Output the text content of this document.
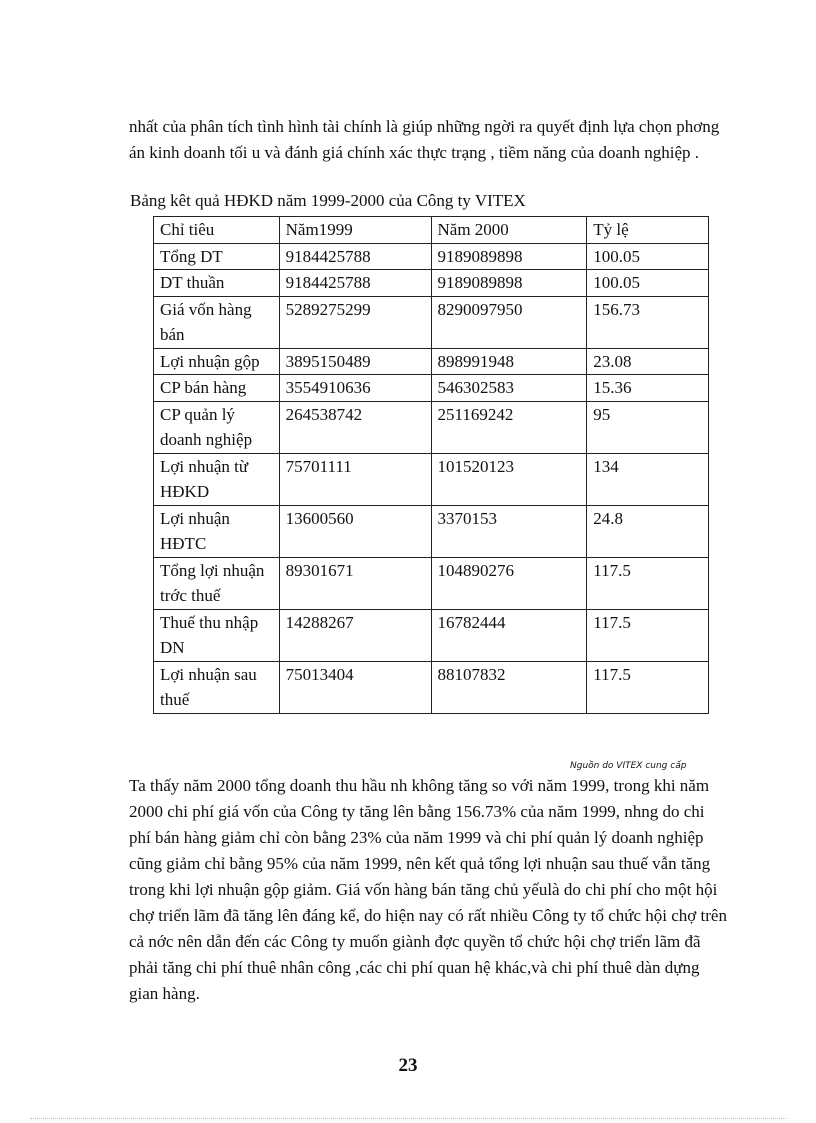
nhất của phân tích tình hình tài chính là giúp những ngời ra quyết định lựa chọn phơng án kinh doanh tối u và đánh giá chính xác thực trạng , tiềm năng của doanh nghiệp .

Bảng kêt quả HĐKD năm 1999-2000 của Công ty VITEX

Chỉ tiêu	Năm1999	Năm 2000	Tỷ lệ
Tổng DT	9184425788	9189089898	100.05
DT thuần	9184425788	9189089898	100.05
Giá vốn hàng bán	5289275299	8290097950	156.73
Lợi nhuận gộp	3895150489	898991948	23.08
CP bán hàng	3554910636	546302583	15.36
CP quản lý doanh nghiệp	264538742	251169242	95
Lợi nhuận từ HĐKD	75701111	101520123	134
Lợi nhuận HĐTC	13600560	3370153	24.8
Tổng lợi nhuận trớc thuế	89301671	104890276	117.5
Thuế thu nhập DN	14288267	16782444	117.5
Lợi nhuận sau thuế	75013404	88107832	117.5
Nguồn do VITEX cung cấp

Ta thấy năm 2000 tổng doanh thu hầu nh không tăng so với năm 1999, trong khi năm 2000 chi phí giá vốn của Công ty tăng lên bằng 156.73% của năm 1999, nhng do chi phí bán hàng giảm chỉ còn bằng 23% của năm 1999 và chi phí quản lý doanh nghiệp cũng giảm chỉ bằng 95% của năm 1999, nên kết quả tổng lợi nhuận sau thuế vẫn tăng trong khi lợi nhuận gộp giảm. Giá vốn hàng bán tăng chủ yếulà do chi phí cho một hội chợ triển lãm đã tăng lên đáng kể, do hiện nay có rất nhiều Công ty tổ chức hội chợ trên cả nớc nên dẫn đến các Công ty muốn giành đợc quyền tổ chức hội chợ triển lãm đã phải tăng chi phí thuê nhân công ,các chi phí quan hệ khác,và chi phí thuê dàn dựng gian hàng.

23
